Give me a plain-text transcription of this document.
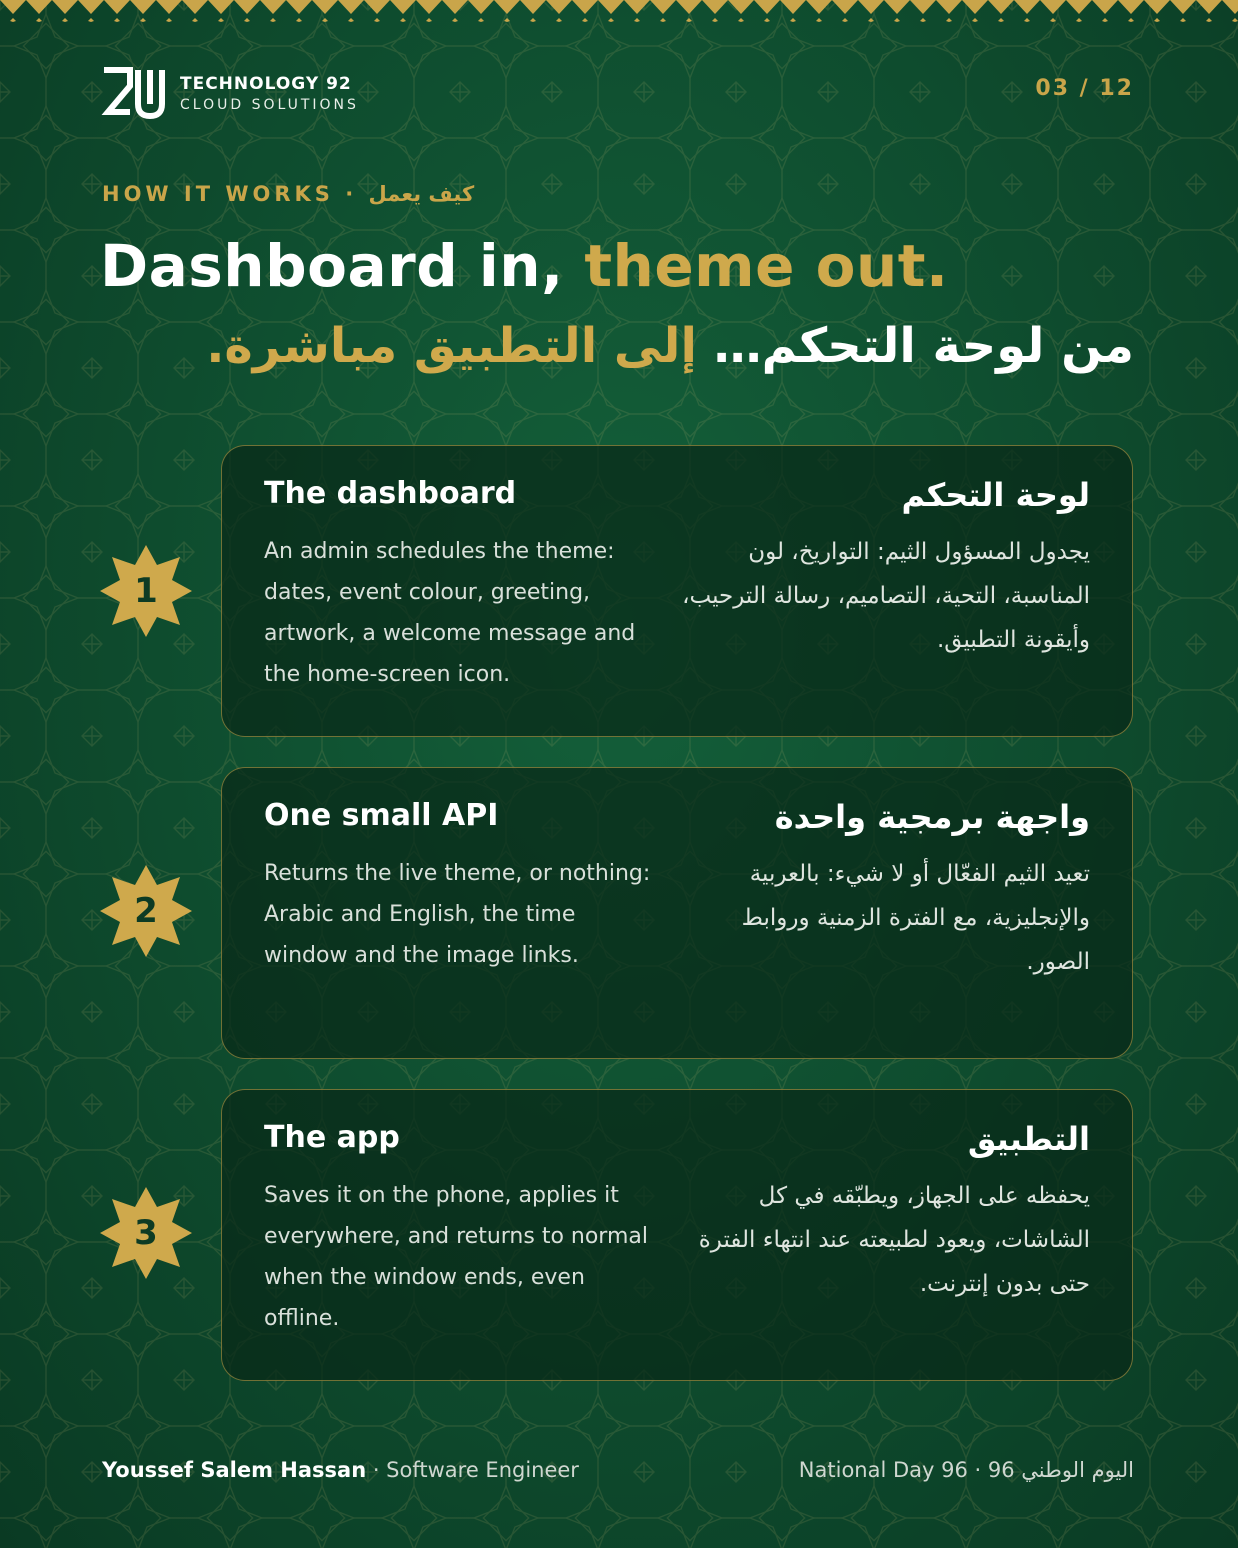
TECHNOLOGY 92
CLOUD SOLUTIONS
03 / 12
HOW IT WORKS · كيف يعمل
Dashboard in, theme out.
من لوحة التحكم… إلى التطبيق مباشرة.
1
The dashboard

An admin schedules the theme: dates, event colour, greeting, artwork, a welcome message and the home-screen icon.

لوحة التحكم

يجدول المسؤول الثيم: التواريخ، لون المناسبة، التحية، التصاميم، رسالة الترحيب، وأيقونة التطبيق.

2
One small API

Returns the live theme, or nothing: Arabic and English, the time window and the image links.

واجهة برمجية واحدة

تعيد الثيم الفعّال أو لا شيء: بالعربية والإنجليزية، مع الفترة الزمنية وروابط الصور.

3
The app

Saves it on the phone, applies it everywhere, and returns to normal when the window ends, even offline.

التطبيق

يحفظه على الجهاز، ويطبّقه في كل الشاشات، ويعود لطبيعته عند انتهاء الفترة حتى بدون إنترنت.

Youssef Salem Hassan · Software Engineer	National Day 96 · 96 اليوم الوطني
